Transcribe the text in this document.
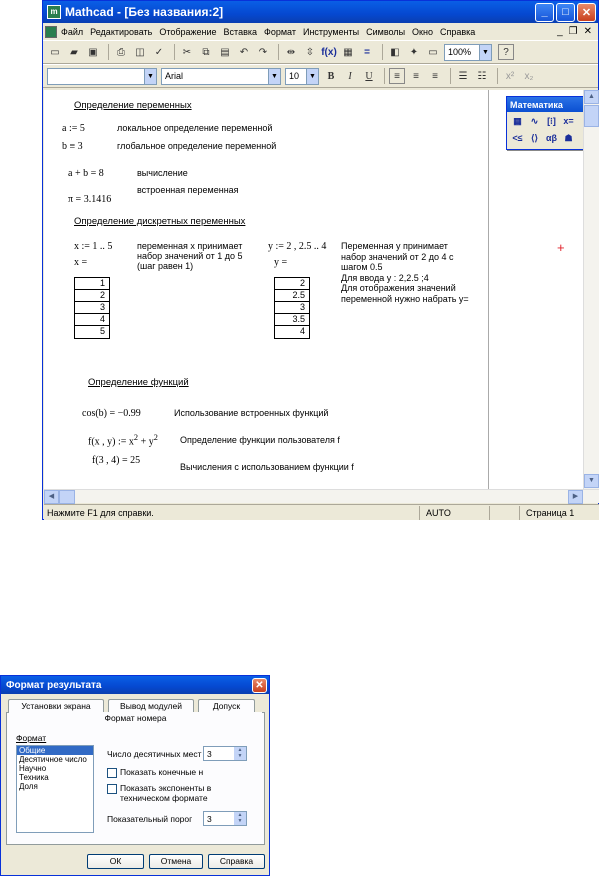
m Mathcad - [Без названия:2]	_	□	✕
Файл Редактировать Отображение Вставка Формат Инструменты Символы Окно Справка	_ ❐ ✕
▭	▰	▣	⎙	◫	✓	✂	⧉	▤	↶	↷	⇹	⇳ f(x) ▦	=	◧	✦	▭	100%	▼	?
▼ Arial	▼ 10	▼	B	I	U	≡	≡	≡	☰	☷	x²	x₂
Определение переменных
a := 5	локальное определение переменной
b ≡ 3	глобальное определение переменной
a + b = 8	вычисление
π = 3.1416
встроенная переменная
Определение дискретных переменных
x := 1 .. 5
x =
переменная x принимает
набор значений от 1 до 5
(шаг равен 1)
1
2
3
4
5
y := 2 , 2.5 .. 4
y =
Переменная y принимает
набор значений от 2 до 4 с
шагом 0.5
Для ввода y : 2,2.5 ;4
Для отображения значений
переменной нужно набрать y=
2
2.5
3
3.5
4
+
Определение функций
cos(b) = −0.99	Использование встроенных функций
f(x , y) := $x^2 + y^2$ Определение функции пользователя f
f(3 , 4) = 25
Вычисления с использованием функции f
Математика
▦ ∿ [⁝] x=
<≤ ⟨⟩ αβ ☗
▲
▼
◀	▶
Нажмите F1 для справки.	AUTO	Страница 1
Формат результата	✕
Установки экрана	Вывод модулей	Допуск
Формат номера
Формат
Общие
Десятичное число
Научно
Техника
Доля
Число десятичных мест 3	▲
▼
Показать конечные н
Показать экспоненты в
техническом формате
Показательный порог 3	▲
▼
ОК	Отмена	Справка
